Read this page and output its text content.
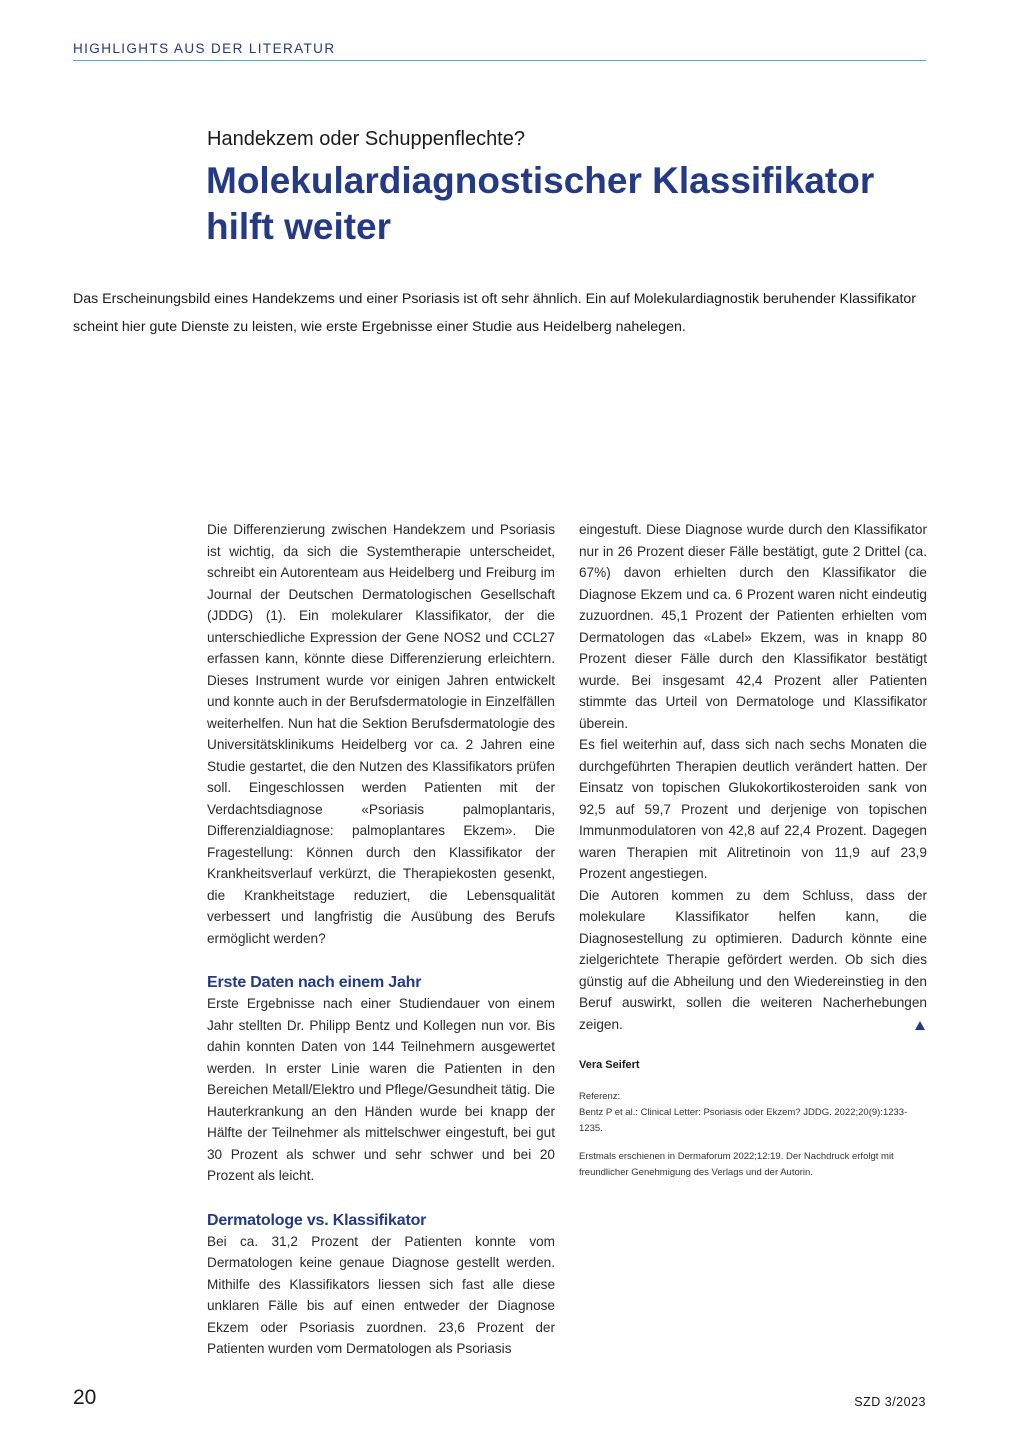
HIGHLIGHTS AUS DER LITERATUR
Handekzem oder Schuppenflechte?
Molekulardiagnostischer Klassifikator
hilft weiter

Das Erscheinungsbild eines Handekzems und einer Psoriasis ist oft sehr ähnlich. Ein auf Molekulardiagnostik beruhender Klassifikator scheint hier gute Dienste zu leisten, wie erste Ergebnisse einer Studie aus Heidelberg nahelegen.

Die Differenzierung zwischen Handekzem und Psoriasis ist wichtig, da sich die Systemtherapie unterscheidet, schreibt ein Autorenteam aus Heidelberg und Freiburg im Journal der Deutschen Dermatologischen Gesellschaft (JDDG) (1). Ein molekularer Klassifikator, der die unterschiedliche Expression der Gene NOS2 und CCL27 erfassen kann, könnte diese Differenzierung erleichtern. Dieses Instrument wurde vor einigen Jahren entwickelt und konnte auch in der Berufsdermatologie in Einzelfällen weiterhelfen. Nun hat die Sektion Berufsdermatologie des Universitätsklinikums Heidelberg vor ca. 2 Jahren eine Studie gestartet, die den Nutzen des Klassifikators prüfen soll. Eingeschlossen werden Patienten mit der Verdachtsdiagnose «Psoriasis palmoplantaris, Differenzialdiagnose: palmoplantares Ekzem». Die Fragestellung: Können durch den Klassifikator der Krankheitsverlauf verkürzt, die Therapiekosten gesenkt, die Krankheitstage reduziert, die Lebensqualität verbessert und langfristig die Ausübung des Berufs ermöglicht werden?

Erste Daten nach einem Jahr

Erste Ergebnisse nach einer Studiendauer von einem Jahr stellten Dr. Philipp Bentz und Kollegen nun vor. Bis dahin konnten Daten von 144 Teilnehmern ausgewertet werden. In erster Linie waren die Patienten in den Bereichen Metall/Elektro und Pflege/Gesundheit tätig. Die Hauterkrankung an den Händen wurde bei knapp der Hälfte der Teilnehmer als mittelschwer eingestuft, bei gut 30 Prozent als schwer und sehr schwer und bei 20 Prozent als leicht.

Dermatologe vs. Klassifikator

Bei ca. 31,2 Prozent der Patienten konnte vom Dermatologen keine genaue Diagnose gestellt werden. Mithilfe des Klassifikators liessen sich fast alle diese unklaren Fälle bis auf einen entweder der Diagnose Ekzem oder Psoriasis zuordnen. 23,6 Prozent der Patienten wurden vom Dermatologen als Psoriasis

eingestuft. Diese Diagnose wurde durch den Klassifikator nur in 26 Prozent dieser Fälle bestätigt, gute 2 Drittel (ca. 67%) davon erhielten durch den Klassifikator die Diagnose Ekzem und ca. 6 Prozent waren nicht eindeutig zuzuordnen. 45,1 Prozent der Patienten erhielten vom Dermatologen das «Label» Ekzem, was in knapp 80 Prozent dieser Fälle durch den Klassifikator bestätigt wurde. Bei insgesamt 42,4 Prozent aller Patienten stimmte das Urteil von Dermatologe und Klassifikator überein.

Es fiel weiterhin auf, dass sich nach sechs Monaten die durchgeführten Therapien deutlich verändert hatten. Der Einsatz von topischen Glukokortikosteroiden sank von 92,5 auf 59,7 Prozent und derjenige von topischen Immunmodulatoren von 42,8 auf 22,4 Prozent. Dagegen waren Therapien mit Alitretinoin von 11,9 auf 23,9 Prozent angestiegen.

Die Autoren kommen zu dem Schluss, dass der molekulare Klassifikator helfen kann, die Diagnosestellung zu optimieren. Dadurch könnte eine zielgerichtete Therapie gefördert werden. Ob sich dies günstig auf die Abheilung und den Wiedereinstieg in den Beruf auswirkt, sollen die weiteren Nacherhebungen zeigen.

Vera Seifert
Referenz:
Bentz P et al.: Clinical Letter: Psoriasis oder Ekzem? JDDG. 2022;20(9):1233-1235.
Erstmals erschienen in Dermaforum 2022;12:19. Der Nachdruck erfolgt mit freundlicher Genehmigung des Verlags und der Autorin.
20	SZD 3/2023
